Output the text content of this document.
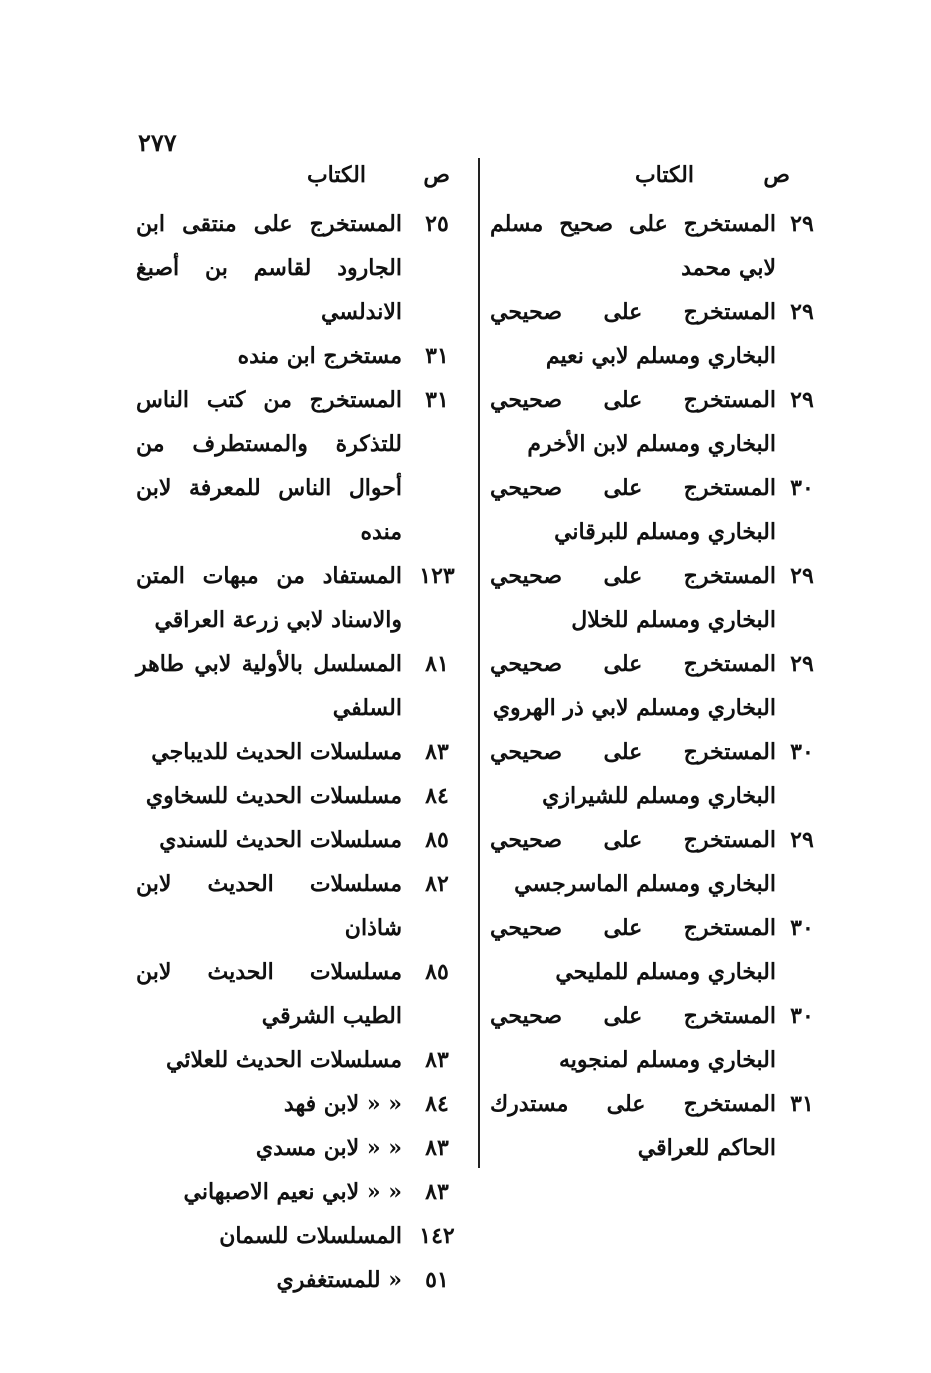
٢٧٧
ص
الكتاب
٢٩
المستخرج على صحيح مسلم لابي محمد
٢٩
المستخرج على صحيحي البخاري ومسلم لابي نعيم
٢٩
المستخرج على صحيحي البخاري ومسلم لابن الأخرم
٣٠
المستخرج على صحيحي البخاري ومسلم للبرقاني
٢٩
المستخرج على صحيحي البخاري ومسلم للخلال
٢٩
المستخرج على صحيحي البخاري ومسلم لابي ذر الهروي
٣٠
المستخرج على صحيحي البخاري ومسلم للشيرازي
٢٩
المستخرج على صحيحي البخاري ومسلم الماسرجسي
٣٠
المستخرج على صحيحي البخاري ومسلم للمليحي
٣٠
المستخرج على صحيحي البخاري ومسلم لمنجويه
٣١
المستخرج على مستدرك الحاكم للعراقي
ص
الكتاب
٢٥
المستخرج على منتقى ابن الجارود لقاسم بن أصبغ الاندلسي
٣١
مستخرج ابن منده
٣١
المستخرج من كتب الناس للتذكرة والمستطرف من أحوال الناس للمعرفة لابن منده
١٢٣
المستفاد من مبهات المتن والاسناد لابي زرعة العراقي
٨١
المسلسل بالأولية لابي طاهر السلفي
٨٣
مسلسلات الحديث للديباجي
٨٤
مسلسلات الحديث للسخاوي
٨٥
مسلسلات الحديث للسندي
٨٢
مسلسلات الحديث لابن شاذان
٨٥
مسلسلات الحديث لابن الطيب الشرقي
٨٣
مسلسلات الحديث للعلائي
٨٤
« « لابن فهد
٨٣
« « لابن مسدي
٨٣
« « لابي نعيم الاصبهاني
١٤٢
المسلسلات للسمان
٥١
« للمستغفري
